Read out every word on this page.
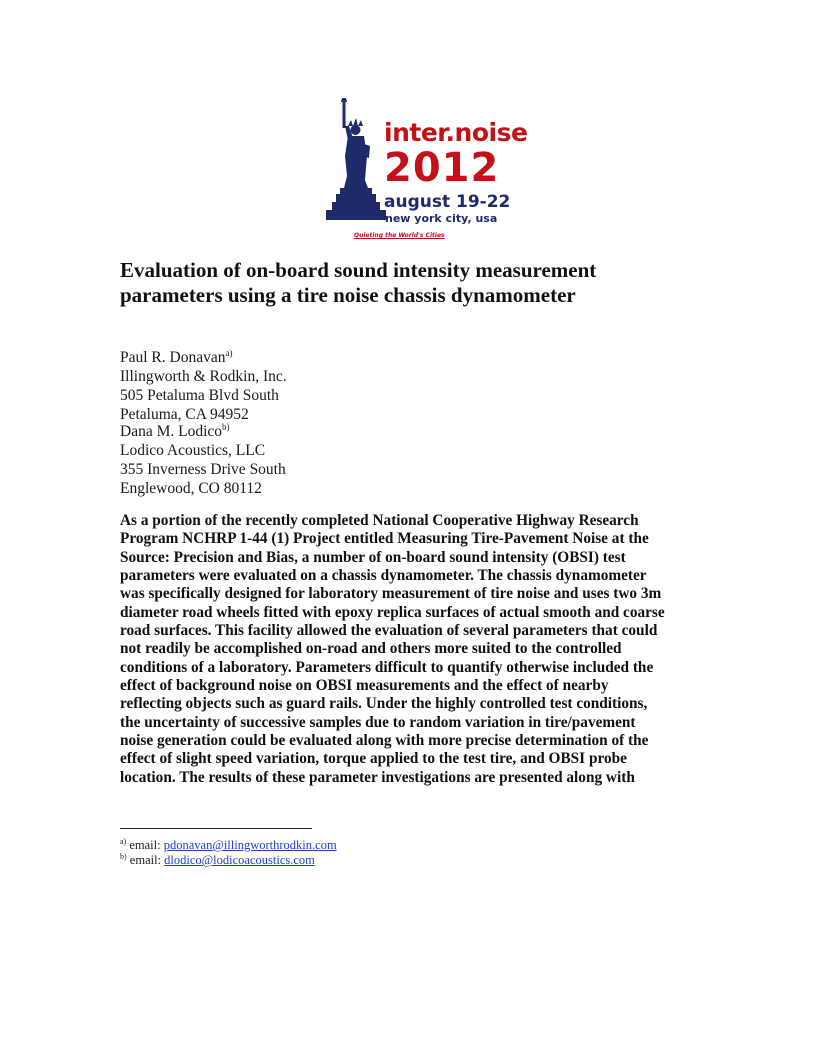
inter.noise
2012
august 19-22
new york city, usa
Quieting the World's Cities
Evaluation of on-board sound intensity measurement
parameters using a tire noise chassis dynamometer
Paul R. Donavan$^{a)}$
Illingworth & Rodkin, Inc.
505 Petaluma Blvd South
Petaluma, CA 94952
Dana M. Lodico$^{b)}$
Lodico Acoustics, LLC
355 Inverness Drive South
Englewood, CO 80112
As a portion of the recently completed National Cooperative Highway Research
Program NCHRP 1-44 (1) Project entitled Measuring Tire-Pavement Noise at the
Source: Precision and Bias, a number of on-board sound intensity (OBSI) test
parameters were evaluated on a chassis dynamometer. The chassis dynamometer
was specifically designed for laboratory measurement of tire noise and uses two 3m
diameter road wheels fitted with epoxy replica surfaces of actual smooth and coarse
road surfaces. This facility allowed the evaluation of several parameters that could
not readily be accomplished on-road and others more suited to the controlled
conditions of a laboratory. Parameters difficult to quantify otherwise included the
effect of background noise on OBSI measurements and the effect of nearby
reflecting objects such as guard rails. Under the highly controlled test conditions,
the uncertainty of successive samples due to random variation in tire/pavement
noise generation could be evaluated along with more precise determination of the
effect of slight speed variation, torque applied to the test tire, and OBSI probe
location. The results of these parameter investigations are presented along with
$^{a)}$ email: pdonavan@illingworthrodkin.com
$^{b)}$ email: dlodico@lodicoacoustics.com
